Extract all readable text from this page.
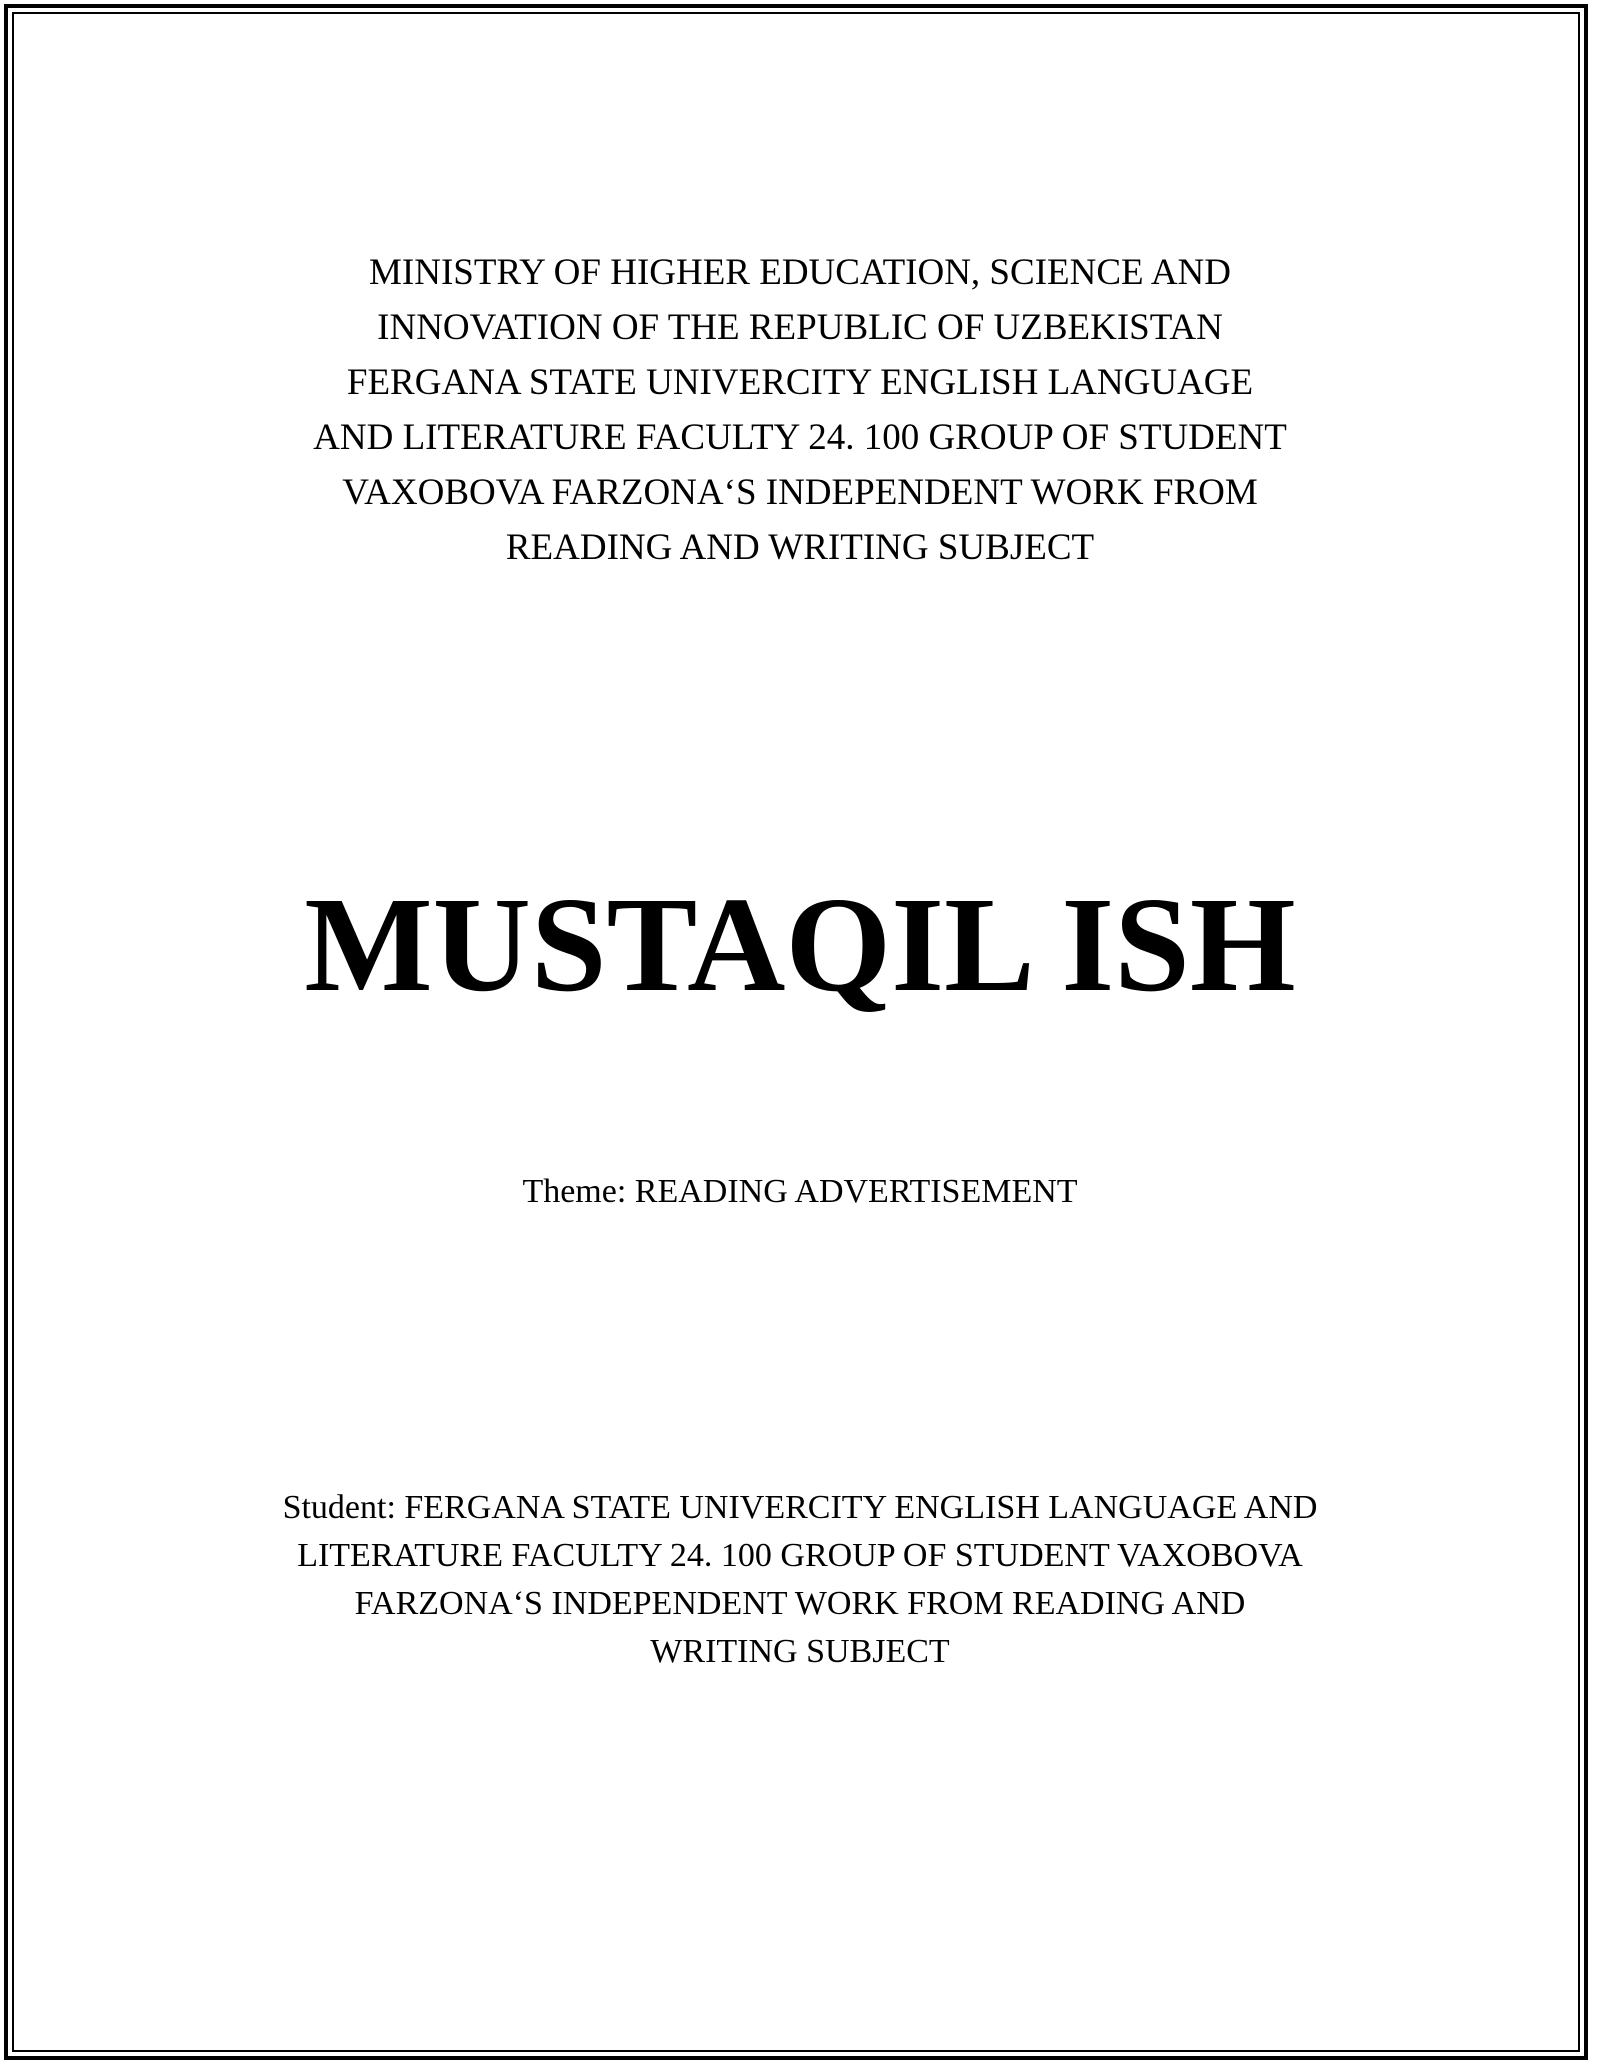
MINISTRY OF HIGHER EDUCATION, SCIENCE AND
INNOVATION OF THE REPUBLIC OF UZBEKISTAN
FERGANA STATE UNIVERCITY ENGLISH LANGUAGE
AND LITERATURE FACULTY 24. 100 GROUP OF STUDENT
VAXOBOVA FARZONA‘S INDEPENDENT WORK FROM
READING AND WRITING SUBJECT
MUSTAQIL ISH
Theme: READING ADVERTISEMENT
Student: FERGANA STATE UNIVERCITY ENGLISH LANGUAGE AND
LITERATURE FACULTY 24. 100 GROUP OF STUDENT VAXOBOVA
FARZONA‘S INDEPENDENT WORK FROM READING AND
WRITING SUBJECT
